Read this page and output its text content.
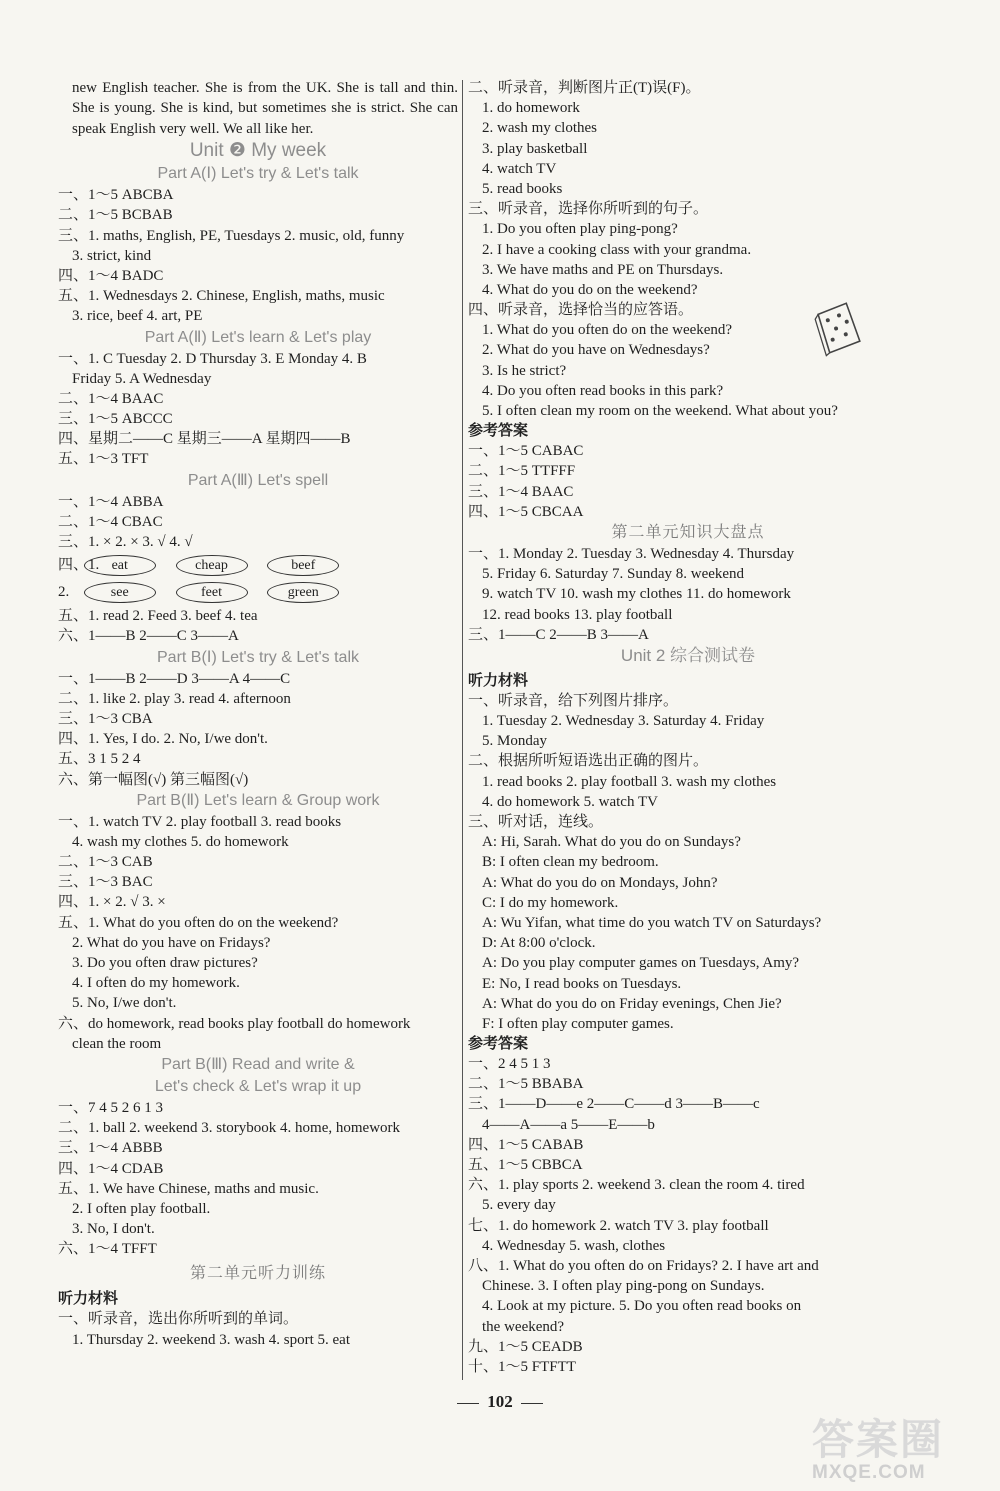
new English teacher. She is from the UK. She is tall and thin. She is young. She is kind, but sometimes she is strict. She can speak English very well. We all like her.
Unit ❷ My week
Part A(Ⅰ) Let's try & Let's talk
一、1～5 ABCBA
二、1～5 BCBAB
三、1. maths, English, PE, Tuesdays 2. music, old, funny
3. strict, kind
四、1～4 BADC
五、1. Wednesdays 2. Chinese, English, maths, music
3. rice, beef 4. art, PE
Part A(Ⅱ) Let's learn & Let's play
一、1. C Tuesday 2. D Thursday 3. E Monday 4. B
Friday 5. A Wednesday
二、1～4 BAAC
三、1～5 ABCCC
四、星期二——C 星期三——A 星期四——B
五、1～3 TFT
Part A(Ⅲ) Let's spell
一、1～4 ABBA
二、1～4 CBAC
三、1. × 2. × 3. √ 4. √
四、1. eat	cheap	beef
2.	see	feet	green
五、1. read 2. Feed 3. beef 4. tea
六、1——B 2——C 3——A
Part B(Ⅰ) Let's try & Let's talk
一、1——B 2——D 3——A 4——C
二、1. like 2. play 3. read 4. afternoon
三、1～3 CBA
四、1. Yes, I do. 2. No, I/we don't.
五、3 1 5 2 4
六、第一幅图(√) 第三幅图(√)
Part B(Ⅱ) Let's learn & Group work
一、1. watch TV 2. play football 3. read books
4. wash my clothes 5. do homework
二、1～3 CAB
三、1～3 BAC
四、1. × 2. √ 3. ×
五、1. What do you often do on the weekend?
2. What do you have on Fridays?
3. Do you often draw pictures?
4. I often do my homework.
5. No, I/we don't.
六、do homework, read books play football do homework
clean the room
Part B(Ⅲ) Read and write &
Let's check & Let's wrap it up
一、7 4 5 2 6 1 3
二、1. ball 2. weekend 3. storybook 4. home, homework
三、1～4 ABBB
四、1～4 CDAB
五、1. We have Chinese, maths and music.
2. I often play football.
3. No, I don't.
六、1～4 TFFT
第二单元听力训练
听力材料
一、听录音，选出你所听到的单词。
1. Thursday 2. weekend 3. wash 4. sport 5. eat
二、听录音，判断图片正(T)误(F)。
1. do homework
2. wash my clothes
3. play basketball
4. watch TV
5. read books
三、听录音，选择你所听到的句子。
1. Do you often play ping-pong?
2. I have a cooking class with your grandma.
3. We have maths and PE on Thursdays.
4. What do you do on the weekend?
四、听录音，选择恰当的应答语。
1. What do you often do on the weekend?
2. What do you have on Wednesdays?
3. Is he strict?
4. Do you often read books in this park?
5. I often clean my room on the weekend. What about you?
参考答案
一、1～5 CABAC
二、1～5 TTFFF
三、1～4 BAAC
四、1～5 CBCAA
第二单元知识大盘点
一、1. Monday 2. Tuesday 3. Wednesday 4. Thursday
5. Friday 6. Saturday 7. Sunday 8. weekend
9. watch TV 10. wash my clothes 11. do homework
12. read books 13. play football
三、1——C 2——B 3——A
Unit 2 综合测试卷
听力材料
一、听录音，给下列图片排序。
1. Tuesday 2. Wednesday 3. Saturday 4. Friday
5. Monday
二、根据所听短语选出正确的图片。
1. read books 2. play football 3. wash my clothes
4. do homework 5. watch TV
三、听对话，连线。
A: Hi, Sarah. What do you do on Sundays?
B: I often clean my bedroom.
A: What do you do on Mondays, John?
C: I do my homework.
A: Wu Yifan, what time do you watch TV on Saturdays?
D: At 8:00 o'clock.
A: Do you play computer games on Tuesdays, Amy?
E: No, I read books on Tuesdays.
A: What do you do on Friday evenings, Chen Jie?
F: I often play computer games.
参考答案
一、2 4 5 1 3
二、1～5 BBABA
三、1——D——e 2——C——d 3——B——c
4——A——a 5——E——b
四、1～5 CABAB
五、1～5 CBBCA
六、1. play sports 2. weekend 3. clean the room 4. tired
5. every day
七、1. do homework 2. watch TV 3. play football
4. Wednesday 5. wash, clothes
八、1. What do you often do on Fridays? 2. I have art and
Chinese. 3. I often play ping-pong on Sundays.
4. Look at my picture. 5. Do you often read books on
the weekend?
九、1～5 CEADB
十、1～5 FTFTT
102
答案圈
MXQE.COM
